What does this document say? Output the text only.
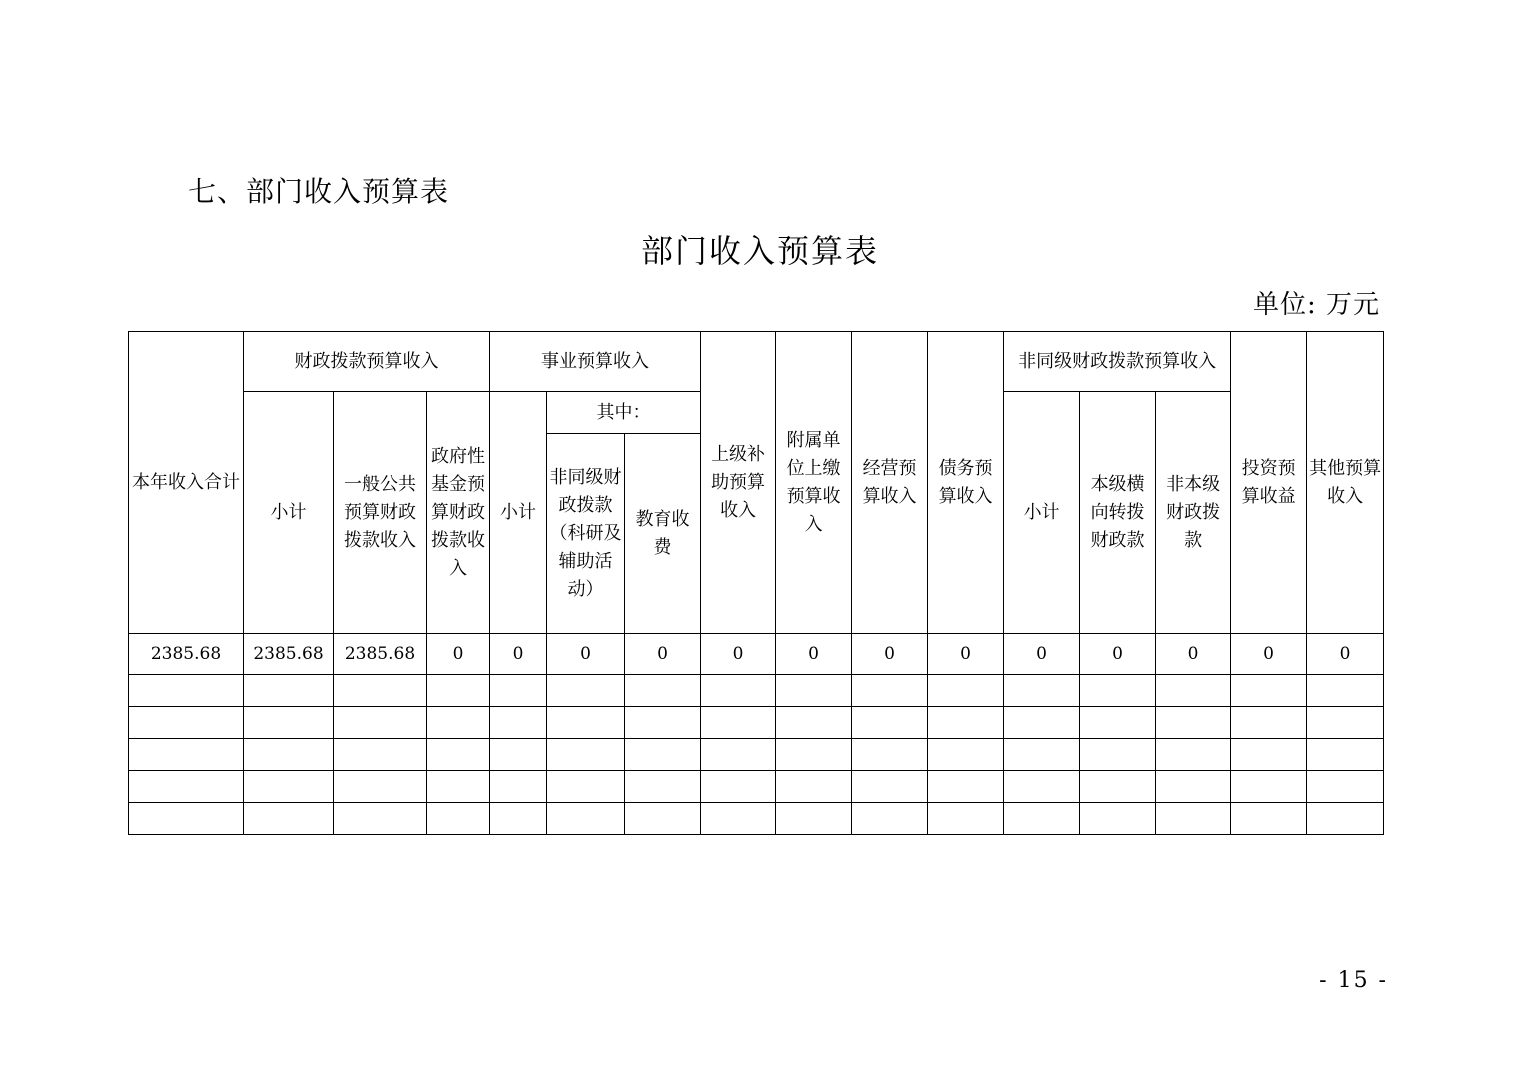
七、部门收入预算表
部门收入预算表
单位: 万元
本年收入合计	财政拨款预算收入			事业预算收入			上级补助预算收入	附属单位上缴预算收入	经营预算收入	债务预算收入	非同级财政拨款预算收入			投资预算收益	其他预算收入
	小计	一般公共预算财政拨款收入	政府性基金预算财政拨款收入	小计	其中：						小计	本级横向转拨财政款	非本级财政拨款		
					非同级财政拨款（科研及辅助活动）	教育收费									
2385.68	2385.68	2385.68	0	0	0	0	0	0	0	0	0	0	0	0	0

- 15 -
